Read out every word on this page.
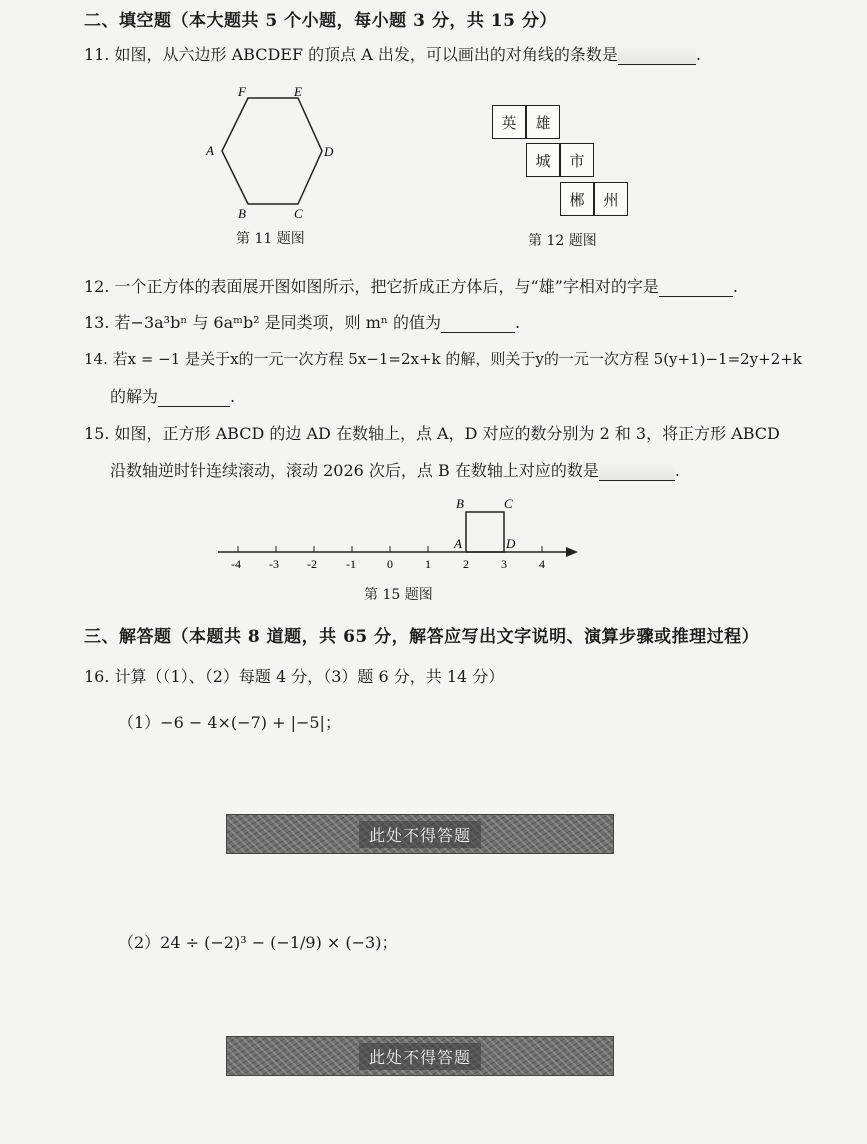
二、填空题（本大题共 5 个小题，每小题 3 分，共 15 分）
11. 如图，从六边形 ABCDEF 的顶点 A 出发，可以画出的对角线的条数是	.
F	E
A	D
B	C
第 11 题图
英	雄
城	市
郴	州
第 12 题图
12. 一个正方体的表面展开图如图所示，把它折成正方体后，与“雄”字相对的字是	.
13. 若−3a³bⁿ 与 6aᵐb² 是同类项，则 mⁿ 的值为	.
14. 若x = −1 是关于x的一元一次方程 5x−1=2x+k 的解，则关于y的一元一次方程 5(y+1)−1=2y+2+k
的解为	.
15. 如图，正方形 ABCD 的边 AD 在数轴上，点 A，D 对应的数分别为 2 和 3，将正方形 ABCD
沿数轴逆时针连续滚动，滚动 2026 次后，点 B 在数轴上对应的数是	.
-4 -3 -2 -1	0	1	2	3	4
B	C
A	D
第 15 题图
三、解答题（本题共 8 道题，共 65 分，解答应写出文字说明、演算步骤或推理过程）
16. 计算（（1）、（2）每题 4 分，（3）题 6 分，共 14 分）
（1）−6 − 4×(−7) + |−5|；
此处不得答题
（2）24 ÷ (−2)³ − (−1/9) × (−3)；
此处不得答题
